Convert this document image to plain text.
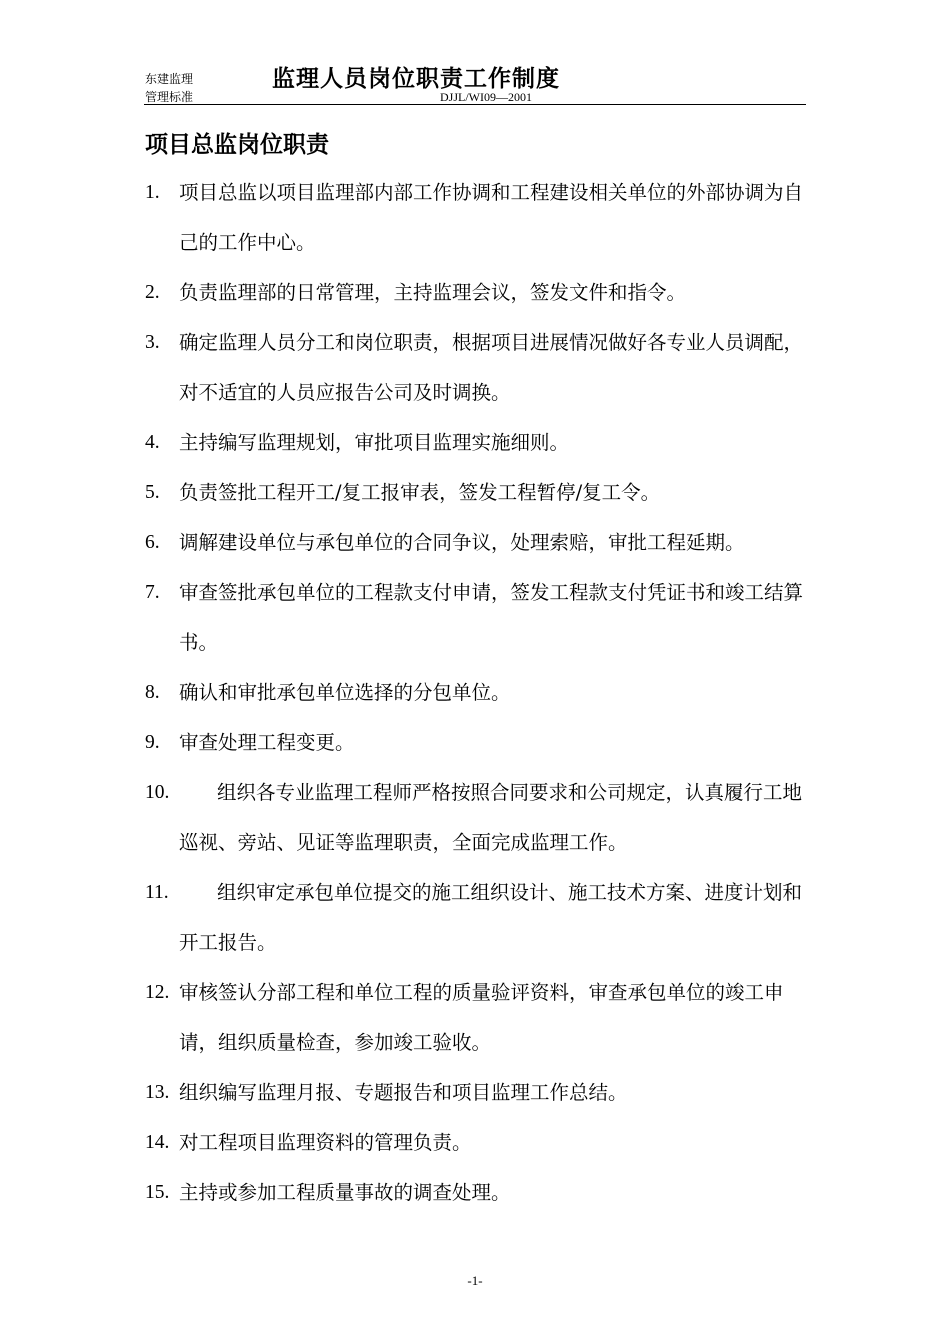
东建监理
管理标准
监理人员岗位职责工作制度
DJJL/WI09—2001
项目总监岗位职责
1. 项目总监以项目监理部内部工作协调和工程建设相关单位的外部协调为自己的工作中心。
2. 负责监理部的日常管理，主持监理会议，签发文件和指令。
3. 确定监理人员分工和岗位职责，根据项目进展情况做好各专业人员调配，对不适宜的人员应报告公司及时调换。
4. 主持编写监理规划，审批项目监理实施细则。
5. 负责签批工程开工/复工报审表，签发工程暂停/复工令。
6. 调解建设单位与承包单位的合同争议，处理索赔，审批工程延期。
7. 审查签批承包单位的工程款支付申请，签发工程款支付凭证书和竣工结算书。
8. 确认和审批承包单位选择的分包单位。
9. 审查处理工程变更。
10. 组织各专业监理工程师严格按照合同要求和公司规定，认真履行工地巡视、旁站、见证等监理职责，全面完成监理工作。
11. 组织审定承包单位提交的施工组织设计、施工技术方案、进度计划和开工报告。
12. 审核签认分部工程和单位工程的质量验评资料，审查承包单位的竣工申请，组织质量检查，参加竣工验收。
13. 组织编写监理月报、专题报告和项目监理工作总结。
14. 对工程项目监理资料的管理负责。
15. 主持或参加工程质量事故的调查处理。
-1-
